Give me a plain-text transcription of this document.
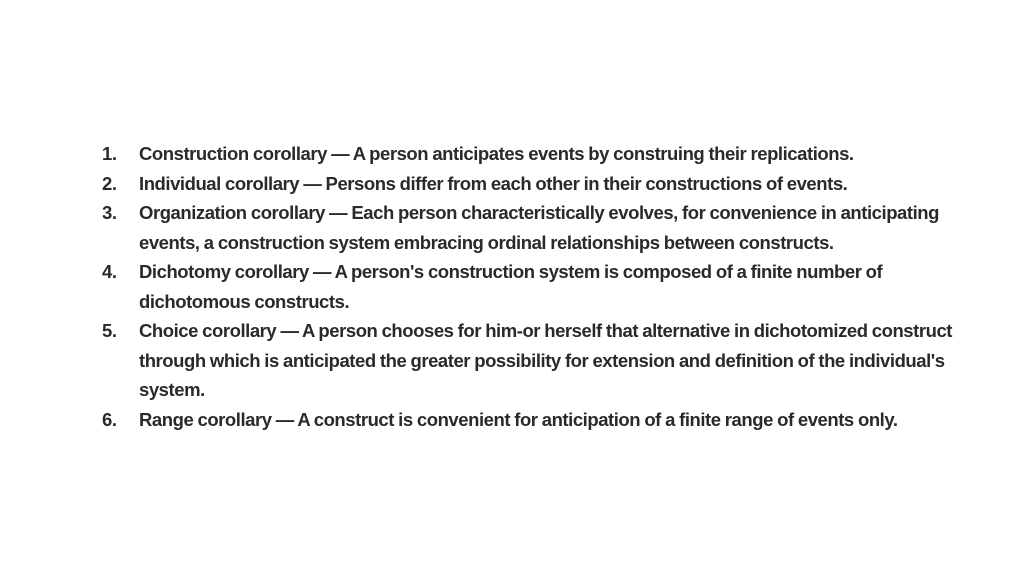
1.	Construction corollary — A person anticipates events by construing their replications.
2.	Individual corollary — Persons differ from each other in their constructions of events.
3.	Organization corollary — Each person characteristically evolves, for convenience in anticipating events, a construction system embracing ordinal relationships between constructs.
4.	Dichotomy corollary — A person's construction system is composed of a finite number of dichotomous constructs.
5.	Choice corollary — A person chooses for him-or herself that alternative in dichotomized construct through which is anticipated the greater possibility for extension and definition of the individual's system.
6.	Range corollary — A construct is convenient for anticipation of a finite range of events only.
